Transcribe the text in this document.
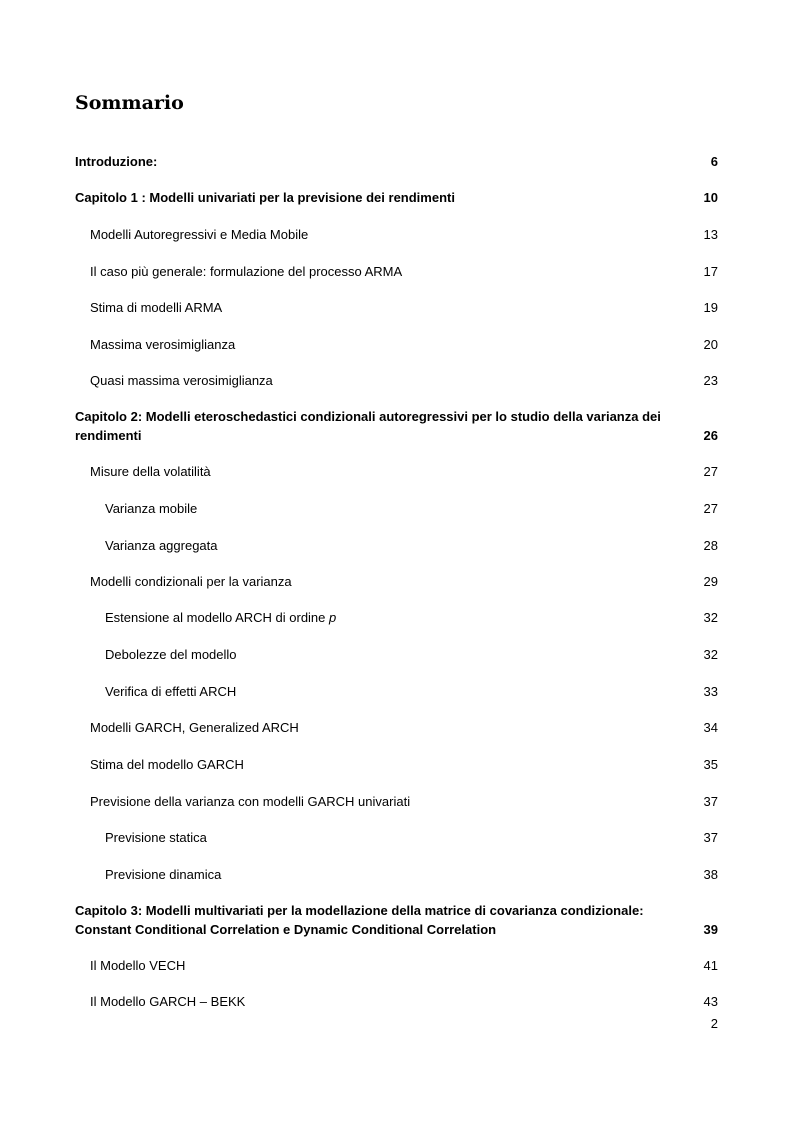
Sommario
Introduzione:	6
Capitolo 1 : Modelli univariati per la previsione dei rendimenti	10
Modelli Autoregressivi e Media Mobile	13
Il caso più generale: formulazione del processo ARMA	17
Stima di modelli ARMA	19
Massima verosimiglianza	20
Quasi massima verosimiglianza	23
Capitolo 2: Modelli eteroschedastici condizionali autoregressivi per lo studio della varianza dei rendimenti	26
Misure della volatilità	27
Varianza mobile	27
Varianza aggregata	28
Modelli condizionali per la varianza	29
Estensione al modello ARCH di ordine p	32
Debolezze del modello	32
Verifica di effetti ARCH	33
Modelli GARCH, Generalized ARCH	34
Stima del modello GARCH	35
Previsione della varianza con modelli GARCH univariati	37
Previsione statica	37
Previsione dinamica	38
Capitolo 3: Modelli multivariati per la modellazione della matrice di covarianza condizionale: Constant Conditional Correlation e Dynamic Conditional Correlation	39
Il Modello VECH	41
Il Modello GARCH – BEKK	43
2
